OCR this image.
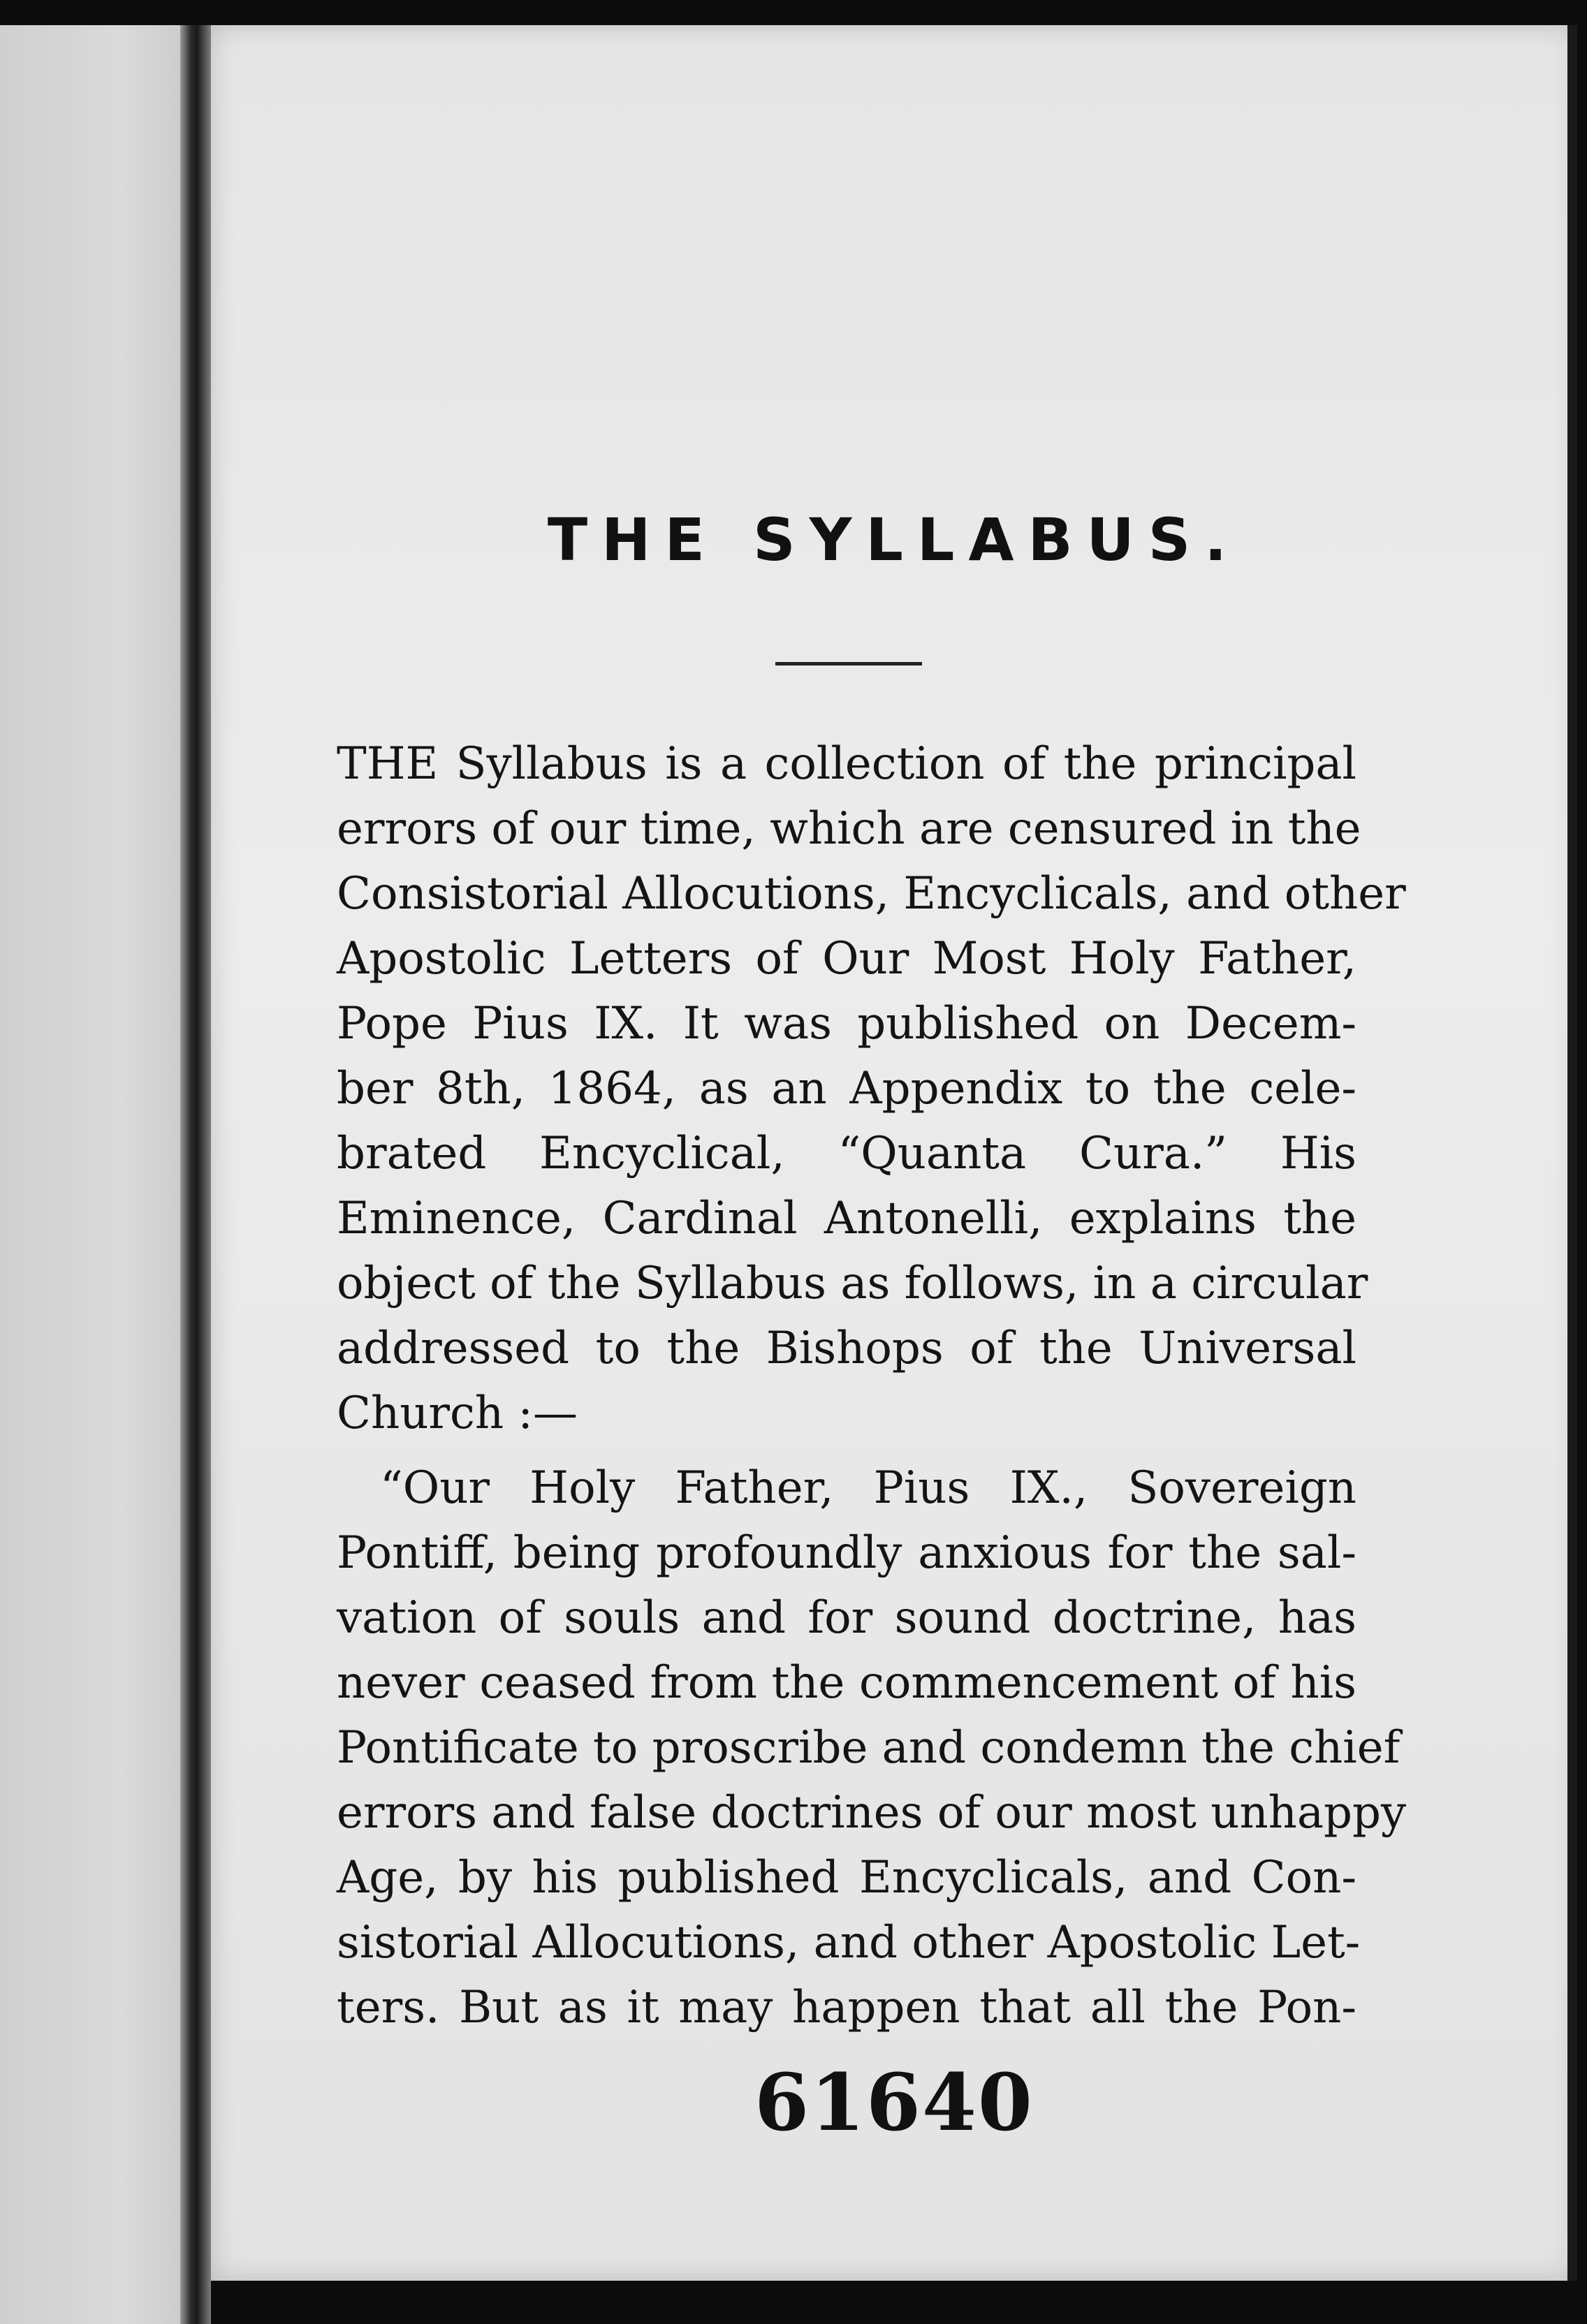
THE SYLLABUS.
THE Syllabus is a collection of the principal
errors of our time, which are censured in the
Consistorial Allocutions, Encyclicals, and other
Apostolic Letters of Our Most Holy Father,
Pope Pius IX. It was published on Decem-
ber 8th, 1864, as an Appendix to the cele-
brated Encyclical, “Quanta Cura.” His
Eminence, Cardinal Antonelli, explains the
object of the Syllabus as follows, in a circular
addressed to the Bishops of the Universal
Church :—
“Our Holy Father, Pius IX., Sovereign
Pontiff, being profoundly anxious for the sal-
vation of souls and for sound doctrine, has
never ceased from the commencement of his
Pontificate to proscribe and condemn the chief
errors and false doctrines of our most unhappy
Age, by his published Encyclicals, and Con-
sistorial Allocutions, and other Apostolic Let-
ters. But as it may happen that all the Pon-
61640
